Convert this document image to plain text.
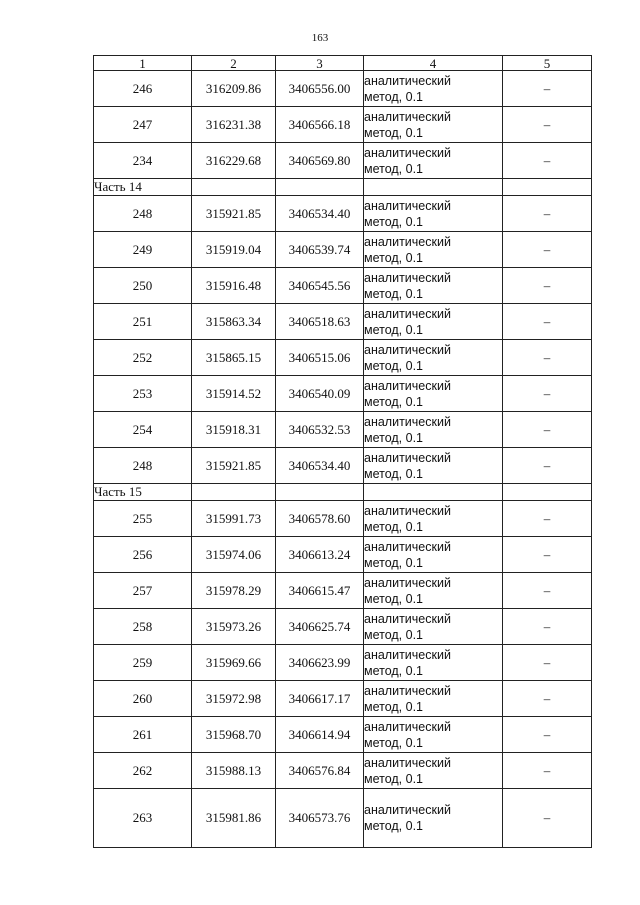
163
1	2	3	4	5
246	316209.86	3406556.00	аналитический
метод, 0.1	–
247	316231.38	3406566.18	аналитический
метод, 0.1	–
234	316229.68	3406569.80	аналитический
метод, 0.1	–
Часть 14				
248	315921.85	3406534.40	аналитический
метод, 0.1	–
249	315919.04	3406539.74	аналитический
метод, 0.1	–
250	315916.48	3406545.56	аналитический
метод, 0.1	–
251	315863.34	3406518.63	аналитический
метод, 0.1	–
252	315865.15	3406515.06	аналитический
метод, 0.1	–
253	315914.52	3406540.09	аналитический
метод, 0.1	–
254	315918.31	3406532.53	аналитический
метод, 0.1	–
248	315921.85	3406534.40	аналитический
метод, 0.1	–
Часть 15				
255	315991.73	3406578.60	аналитический
метод, 0.1	–
256	315974.06	3406613.24	аналитический
метод, 0.1	–
257	315978.29	3406615.47	аналитический
метод, 0.1	–
258	315973.26	3406625.74	аналитический
метод, 0.1	–
259	315969.66	3406623.99	аналитический
метод, 0.1	–
260	315972.98	3406617.17	аналитический
метод, 0.1	–
261	315968.70	3406614.94	аналитический
метод, 0.1	–
262	315988.13	3406576.84	аналитический
метод, 0.1	–
263	315981.86	3406573.76	аналитический
метод, 0.1	–
